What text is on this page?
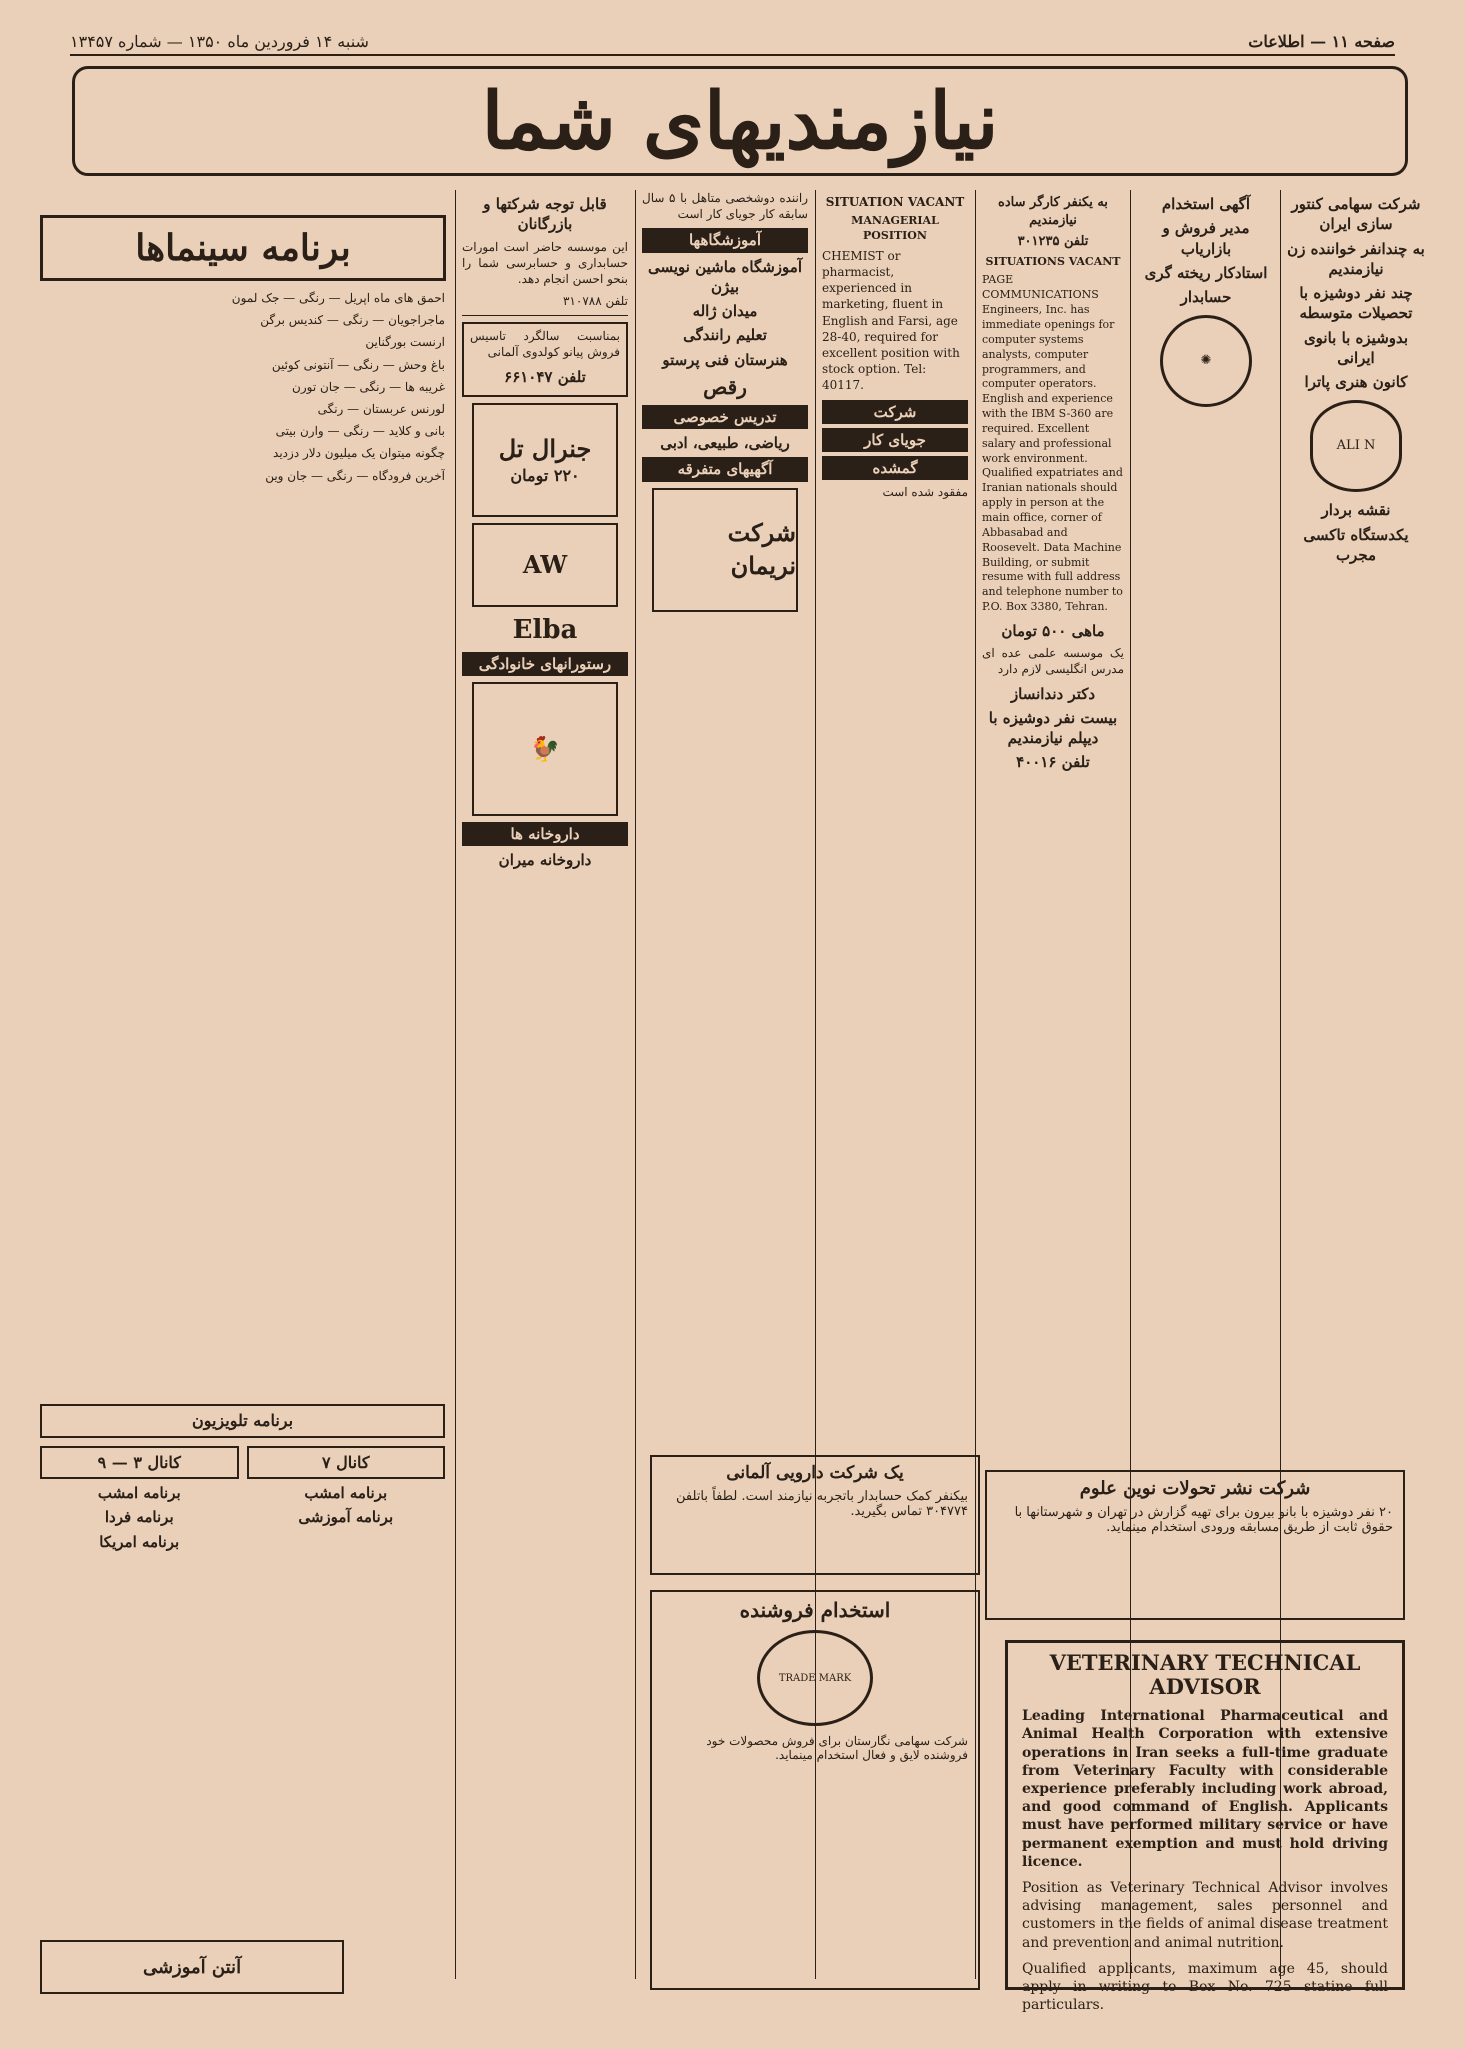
شنبه ۱۴ فروردین ماه ۱۳۵۰ — شماره ۱۳۴۵۷	صفحه ۱۱ — اطلاعات
نیازمندیهای شما
برنامه سینماها

احمق های ماه اپریل — رنگی — جک لمون

ماجراجویان — رنگی — کندیس برگن

ارنست بورگناین

باغ وحش — رنگی — آنتونی کوئین

غریبه ها — رنگی — جان تورن

لورنس عربستان — رنگی

بانی و کلاید — رنگی — وارن بیتی

چگونه میتوان یک میلیون دلار دزدید

آخرین فرودگاه — رنگی — جان وین

برنامه تلویزیون
کانال ۷
برنامه امشب
برنامه آموزشی
کانال ۳ — ۹
برنامه امشب
برنامه فردا
برنامه امریکا
آنتن آموزشی
قابل توجه شرکتها و بازرگانان

این موسسه حاضر است امورات حسابداری و حسابرسی شما را بنحو احسن انجام دهد.

تلفن ۳۱۰۷۸۸

بمناسبت سالگرد تاسیس فروش پیانو کولدوی آلمانی

تلفن ۶۶۱۰۴۷

جنرال تل
۲۲۰ تومان
AW
Elba
رستورانهای خانوادگی
🐓
داروخانه ها

داروخانه میران

راننده دوشخصی متاهل با ۵ سال سابقه کار جویای کار است

آموزشگاهها

آموزشگاه ماشین نویسی بیژن

میدان ژاله

تعلیم رانندگی
هنرستان فنی پرستو
رقص
تدریس خصوصی

ریاضی، طبیعی، ادبی

آگهیهای متفرقه
شرکت نریمان
SITUATION VACANT
MANAGERIAL POSITION

CHEMIST or pharmacist, experienced in marketing, fluent in English and Farsi, age 28-40, required for excellent position with stock option. Tel: 40117.

شرکت
جویای کار
گمشده

مفقود شده است

به یکنفر کارگر ساده نیازمندیم

تلفن ۳۰۱۲۳۵

SITUATIONS VACANT

PAGE COMMUNICATIONS Engineers, Inc. has immediate openings for computer systems analysts, computer programmers, and computer operators. English and experience with the IBM S-360 are required. Excellent salary and professional work environment. Qualified expatriates and Iranian nationals should apply in person at the main office, corner of Abbasabad and Roosevelt. Data Machine Building, or submit resume with full address and telephone number to P.O. Box 3380, Tehran.

ماهی ۵۰۰ تومان

یک موسسه علمی عده ای مدرس انگلیسی لازم دارد

دکتر دندانساز
بیست نفر دوشیزه با دیپلم نیازمندیم
تلفن ۴۰۰۱۶
آگهی استخدام
مدیر فروش و بازاریاب
استادکار ریخته گری
حسابدار
✺
شرکت سهامی کنتور سازی ایران
به چندانفر خواننده زن نیازمندیم
چند نفر دوشیزه با تحصیلات متوسطه
بدوشیزه با بانوی ایرانی
کانون هنری پاترا
ALI N
نقشه بردار
یکدستگاه تاکسی مجرب
یک شرکت دارویی آلمانی
بیکنفر کمک حسابدار باتجربه نیازمند است. لطفاً باتلفن ۳۰۴۷۷۴ تماس بگیرید.
شرکت نشر تحولات نوین علوم
۲۰ نفر دوشیزه با بانو بیرون برای تهیه گزارش در تهران و شهرستانها با حقوق ثابت از طریق مسابقه ورودی استخدام مینماید.
استخدام فروشنده
TRADE MARK
شرکت سهامی نگارستان برای فروش محصولات خود فروشنده لایق و فعال استخدام مینماید.
VETERINARY TECHNICAL ADVISOR

Leading International Pharmaceutical and Animal Health Corporation with extensive operations in Iran seeks a full-time graduate from Veterinary Faculty with considerable experience preferably including work abroad, and good command of English. Applicants must have performed military service or have permanent exemption and must hold driving licence.

Position as Veterinary Technical Advisor involves advising management, sales personnel and customers in the fields of animal disease treatment and prevention and animal nutrition.

Qualified applicants, maximum age 45, should apply in writing to Box No. 725 statine full particulars.
